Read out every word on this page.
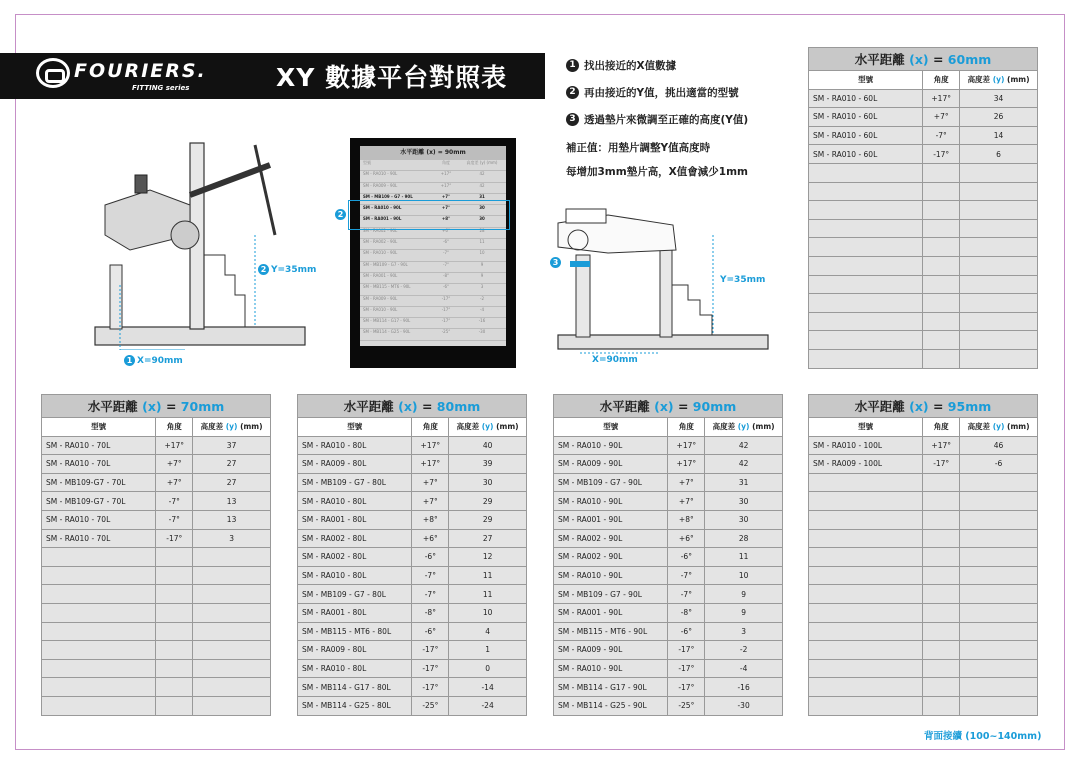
FOURIERS.
FITTING series	XY 數據平台對照表	1 找出接近的X值數據
2 再由接近的Y值，挑出適當的型號
3 透過墊片來微調至正確的高度(Y值)
補正值：用墊片調整Y值高度時
每增加3mm墊片高，X值會減少1mm
2 Y=35mm
1 X=90mm
水平距離 (x) = 90mm
型號	角度	高度差 (y) (mm)
SM - RA010 - 90L	+17°	42
SM - RA009 - 90L	+17°	42
SM - MB109 - G7 - 90L	+7°	31
SM - RA010 - 90L	+7°	30
SM - RA001 - 90L	+8°	30
SM - RA002 - 90L	+6°	28
SM - RA002 - 90L	-6°	11
SM - RA010 - 90L	-7°	10
SM - MB109 - G7 - 90L	-7°	9
SM - RA001 - 90L	-8°	9
SM - MB115 - MT6 - 90L	-6°	3
SM - RA009 - 90L	-17°	-2
SM - RA010 - 90L	-17°	-4
SM - MB114 - G17 - 90L	-17°	-16
SM - MB114 - G25 - 90L	-25°	-30
2
Y=35mm
X=90mm
3
水平距離 (x) = 60mm		
型號	角度	高度差 (y) (mm)
SM - RA010 - 60L	+17°	34
SM - RA010 - 60L	+7°	26
SM - RA010 - 60L	-7°	14
SM - RA010 - 60L	-17°	6

水平距離 (x) = 70mm		
型號	角度	高度差 (y) (mm)
SM - RA010 - 70L	+17°	37
SM - RA010 - 70L	+7°	27
SM - MB109-G7 - 70L	+7°	27
SM - MB109-G7 - 70L	-7°	13
SM - RA010 - 70L	-7°	13
SM - RA010 - 70L	-17°	3

水平距離 (x) = 80mm		
型號	角度	高度差 (y) (mm)
SM - RA010 - 80L	+17°	40
SM - RA009 - 80L	+17°	39
SM - MB109 - G7 - 80L	+7°	30
SM - RA010 - 80L	+7°	29
SM - RA001 - 80L	+8°	29
SM - RA002 - 80L	+6°	27
SM - RA002 - 80L	-6°	12
SM - RA010 - 80L	-7°	11
SM - MB109 - G7 - 80L	-7°	11
SM - RA001 - 80L	-8°	10
SM - MB115 - MT6 - 80L	-6°	4
SM - RA009 - 80L	-17°	1
SM - RA010 - 80L	-17°	0
SM - MB114 - G17 - 80L	-17°	-14
SM - MB114 - G25 - 80L	-25°	-24
水平距離 (x) = 90mm		
型號	角度	高度差 (y) (mm)
SM - RA010 - 90L	+17°	42
SM - RA009 - 90L	+17°	42
SM - MB109 - G7 - 90L	+7°	31
SM - RA010 - 90L	+7°	30
SM - RA001 - 90L	+8°	30
SM - RA002 - 90L	+6°	28
SM - RA002 - 90L	-6°	11
SM - RA010 - 90L	-7°	10
SM - MB109 - G7 - 90L	-7°	9
SM - RA001 - 90L	-8°	9
SM - MB115 - MT6 - 90L	-6°	3
SM - RA009 - 90L	-17°	-2
SM - RA010 - 90L	-17°	-4
SM - MB114 - G17 - 90L	-17°	-16
SM - MB114 - G25 - 90L	-25°	-30
水平距離 (x) = 95mm		
型號	角度	高度差 (y) (mm)
SM - RA010 - 100L	+17°	46
SM - RA009 - 100L	-17°	-6

背面接續 (100~140mm)
